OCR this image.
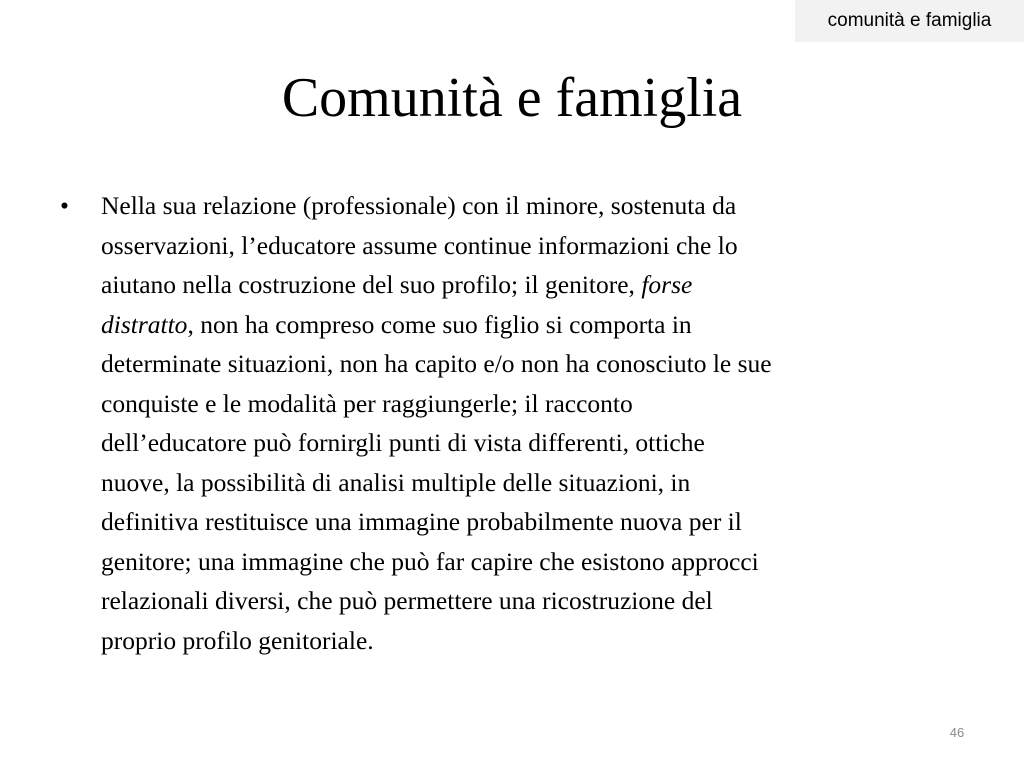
comunità e famiglia
Comunità e famiglia
•	Nella sua relazione (professionale) con il minore, sostenuta da
osservazioni, l’educatore assume continue informazioni che lo
aiutano nella costruzione del suo profilo; il genitore, forse
distratto, non ha compreso come suo figlio si comporta in
determinate situazioni, non ha capito e/o non ha conosciuto le sue
conquiste e le modalità per raggiungerle; il racconto
dell’educatore può fornirgli punti di vista differenti, ottiche
nuove, la possibilità di analisi multiple delle situazioni, in
definitiva restituisce una immagine probabilmente nuova per il
genitore; una immagine che può far capire che esistono approcci
relazionali diversi, che può permettere una ricostruzione del
proprio profilo genitoriale.
46
